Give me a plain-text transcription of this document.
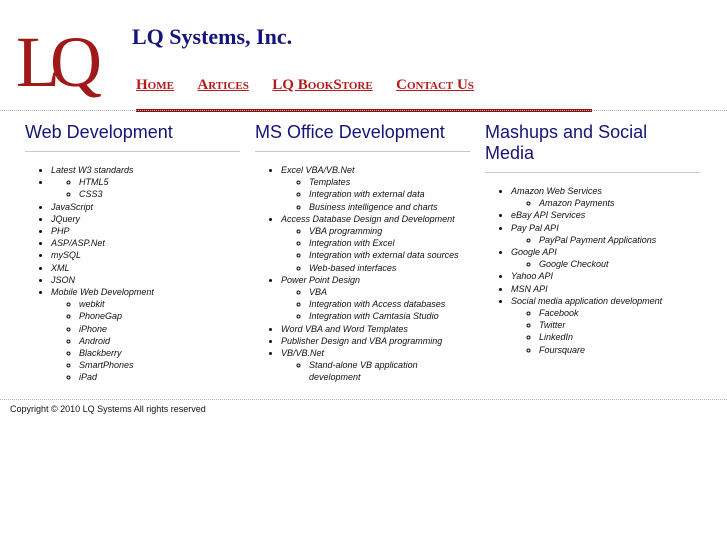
LQ LQ Systems, Inc.
Home Artices LQ BookStore Contact Us
Web Development
• Latest W3 standards
◦ • HTML5
◦ CSS3
• JavaScript
• JQuery
• PHP
• ASP/ASP.Net
• mySQL
• XML
• JSON
• Mobile Web Development
◦ webkit
◦ PhoneGap
◦ iPhone
◦ Android
◦ Blackberry
◦ SmartPhones
◦ iPad
MS Office Development
• Excel VBA/VB.Net
◦ Templates
◦ Integration with external data
◦ Business intelligence and charts
• Access Database Design and Development
◦ VBA programming
◦ Integration with Excel
◦ Integration with external data sources
◦ Web-based interfaces
• Power Point Design
◦ VBA
◦ Integration with Access databases
◦ Integration with Camtasia Studio
• Word VBA and Word Templates
• Publisher Design and VBA programming
• VB/VB.Net
◦ Stand-alone VB application development
Mashups and Social Media
• Amazon Web Services
◦ Amazon Payments
• eBay API Services
• Pay Pal API
◦ PayPal Payment Applications
• Google API
◦ Google Checkout
• Yahoo API
• MSN API
• Social media application development
◦ Facebook
◦ Twitter
◦ LinkedIn
◦ Foursquare
Copyright © 2010 LQ Systems All rights reserved
